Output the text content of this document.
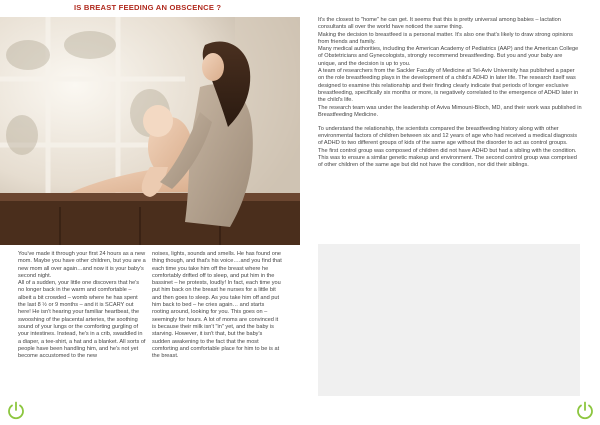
IS BREAST FEEDING AN OBSCENCE ?

You've made it through your first 24 hours as a new mom. Maybe you have other children, but you are a new mom all over again…and now it is your baby's second night.

All of a sudden, your little one discovers that he's no longer back in the warm and comfortable – albeit a bit crowded – womb where he has spent the last 8 ½ or 9 months – and it is SCARY out here! He isn't hearing your familiar heartbeat, the swooshing of the placental arteries, the soothing sound of your lungs or the comforting gurgling of your intestines. Instead, he's in a crib, swaddled in a diaper, a tee-shirt, a hat and a blanket. All sorts of people have been handling him, and he's not yet become accustomed to the new

noises, lights, sounds and smells. He has found one thing though, and that's his voice….and you find that each time you take him off the breast where he comfortably drifted off to sleep, and put him in the bassinet – he protests, loudly! In fact, each time you put him back on the breast he nurses for a little bit and then goes to sleep. As you take him off and put him back to bed – he cries again… and starts rooting around, looking for you. This goes on – seemingly for hours. A lot of moms are convinced it is because their milk isn't "in" yet, and the baby is starving. However, it isn't that, but the baby's sudden awakening to the fact that the most comforting and comfortable place for him to be is at the breast.

It's the closest to "home" he can get. It seems that this is pretty universal among babies – lactation consultants all over the world have noticed the same thing.

Making the decision to breastfeed is a personal matter. It's also one that's likely to draw strong opinions from friends and family.

Many medical authorities, including the American Academy of Pediatrics (AAP) and the American College of Obstetricians and Gynecologists, strongly recommend breastfeeding. But you and your baby are unique, and the decision is up to you.

A team of researchers from the Sackler Faculty of Medicine at Tel-Aviv University has published a paper on the role breastfeeding plays in the development of a child's ADHD in later life. The research itself was designed to examine this relationship and their finding clearly indicate that periods of longer exclusive breastfeeding, specifically six months or more, is negatively correlated to the emergence of ADHD later in the child's life.

The research team was under the leadership of Aviva Mimouni-Bloch, MD, and their work was published in Breastfeeding Medicine.

To understand the relationship, the scientists compared the breastfeeding history along with other environmental factors of children between six and 12 years of age who had received a medical diagnosis of ADHD to two different groups of kids of the same age without the disorder to act as control groups.

The first control group was composed of children did not have ADHD but had a sibling with the condition. This was to ensure a similar genetic makeup and environment. The second control group was comprised of other children of the same age but did not have the condition, nor did their siblings.
